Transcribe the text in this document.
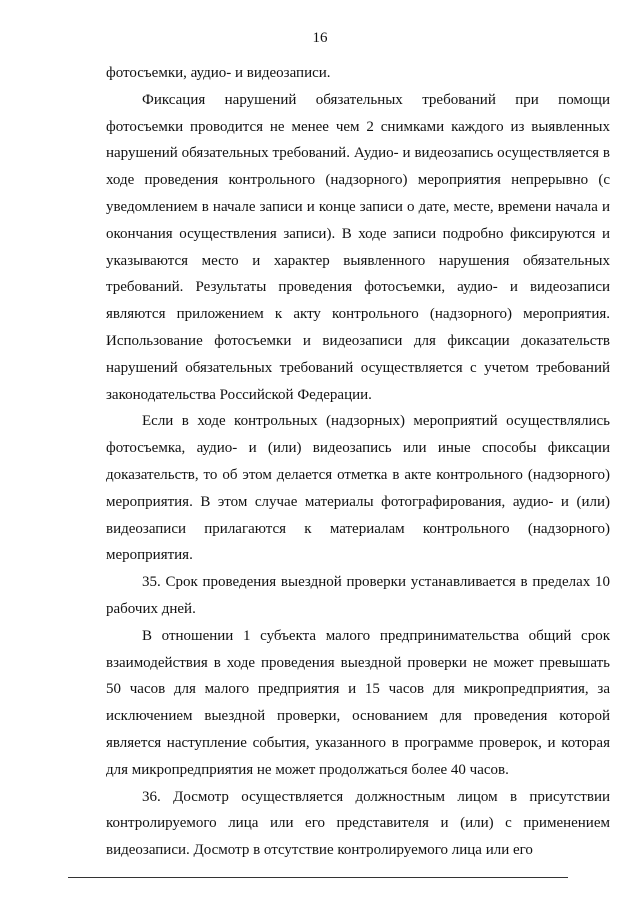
16

фотосъемки, аудио- и видеозаписи.

Фиксация нарушений обязательных требований при помощи фотосъемки проводится не менее чем 2 снимками каждого из выявленных нарушений обязательных требований. Аудио- и видеозапись осуществляется в ходе проведения контрольного (надзорного) мероприятия непрерывно (с уведомлением в начале записи и конце записи о дате, месте, времени начала и окончания осуществления записи). В ходе записи подробно фиксируются и указываются место и характер выявленного нарушения обязательных требований. Результаты проведения фотосъемки, аудио- и видеозаписи являются приложением к акту контрольного (надзорного) мероприятия. Использование фотосъемки и видеозаписи для фиксации доказательств нарушений обязательных требований осуществляется с учетом требований законодательства Российской Федерации.

Если в ходе контрольных (надзорных) мероприятий осуществлялись фотосъемка, аудио- и (или) видеозапись или иные способы фиксации доказательств, то об этом делается отметка в акте контрольного (надзорного) мероприятия. В этом случае материалы фотографирования, аудио- и (или) видеозаписи прилагаются к материалам контрольного (надзорного) мероприятия.

35. Срок проведения выездной проверки устанавливается в пределах 10 рабочих дней.

В отношении 1 субъекта малого предпринимательства общий срок взаимодействия в ходе проведения выездной проверки не может превышать 50 часов для малого предприятия и 15 часов для микропредприятия, за исключением выездной проверки, основанием для проведения которой является наступление события, указанного в программе проверок, и которая для микропредприятия не может продолжаться более 40 часов.

36. Досмотр осуществляется должностным лицом в присутствии контролируемого лица или его представителя и (или) с применением видеозаписи. Досмотр в отсутствие контролируемого лица или его
